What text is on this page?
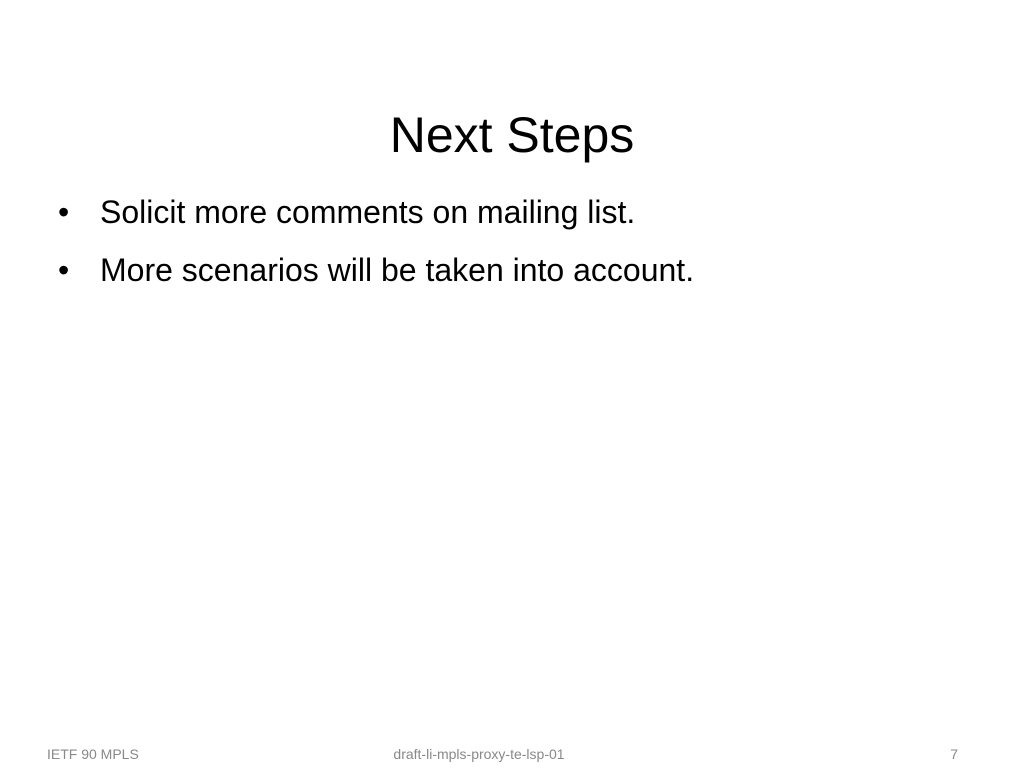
Next Steps
• Solicit more comments on mailing list.
• More scenarios will be taken into account.
IETF 90 MPLS	draft-li-mpls-proxy-te-lsp-01	7
